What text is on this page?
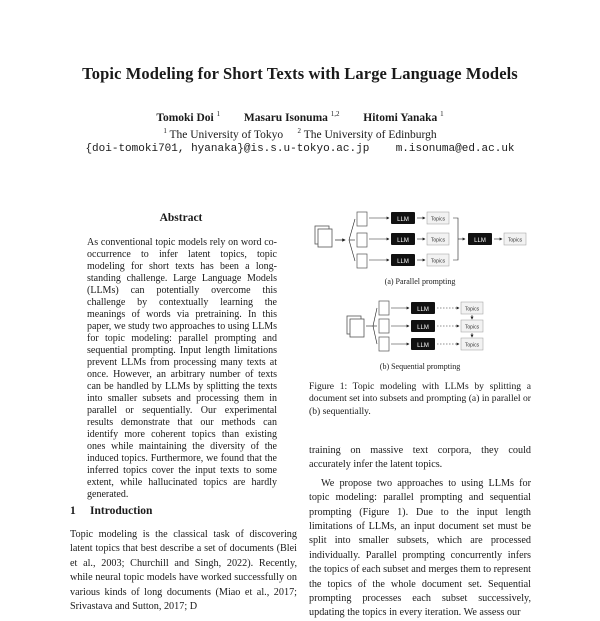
Topic Modeling for Short Texts with Large Language Models
Tomoki Doi $^1$ Masaru Isonuma $^{1,2}$ Hitomi Yanaka $^1$
$^1$ The University of Tokyo $^2$ The University of Edinburgh
{doi-tomoki701, hyanaka}@is.s.u-tokyo.ac.jp    m.isonuma@ed.ac.uk
Abstract
As conventional topic models rely on word co-occurrence to infer latent topics, topic modeling for short texts has been a long-standing challenge. Large Language Models (LLMs) can potentially overcome this challenge by contextually learning the meanings of words via pretraining. In this paper, we study two approaches to using LLMs for topic modeling: parallel prompting and sequential prompting. Input length limitations prevent LLMs from processing many texts at once. However, an arbitrary number of texts can be handled by LLMs by splitting the texts into smaller subsets and processing them in parallel or sequentially. Our experimental results demonstrate that our methods can identify more coherent topics than existing ones while maintaining the diversity of the induced topics. Furthermore, we found that the inferred topics cover the input texts to some extent, while hallucinated topics are hardly generated.
1 Introduction
Topic modeling is the classical task of discovering latent topics that best describe a set of documents (Blei et al., 2003; Churchill and Singh, 2022). Recently, while neural topic models have worked successfully on various kinds of long documents (Miao et al., 2017; Srivastava and Sutton, 2017; D
LLM
LLM
LLM
Topics
Topics
Topics
LLM	Topics
LLM
LLM
LLM
Topics
Topics
Topics
(a) Parallel prompting
(b) Sequential prompting
Figure 1: Topic modeling with LLMs by splitting a document set into subsets and prompting (a) in parallel or (b) sequentially.

training on massive text corpora, they could accurately infer the latent topics.

We propose two approaches to using LLMs for topic modeling: parallel prompting and sequential prompting (Figure 1). Due to the input length limitations of LLMs, an input document set must be split into smaller subsets, which are processed individually. Parallel prompting concurrently infers the topics of each subset and merges them to represent the topics of the whole document set. Sequential prompting processes each subset successively, updating the topics in every iteration. We assess our
